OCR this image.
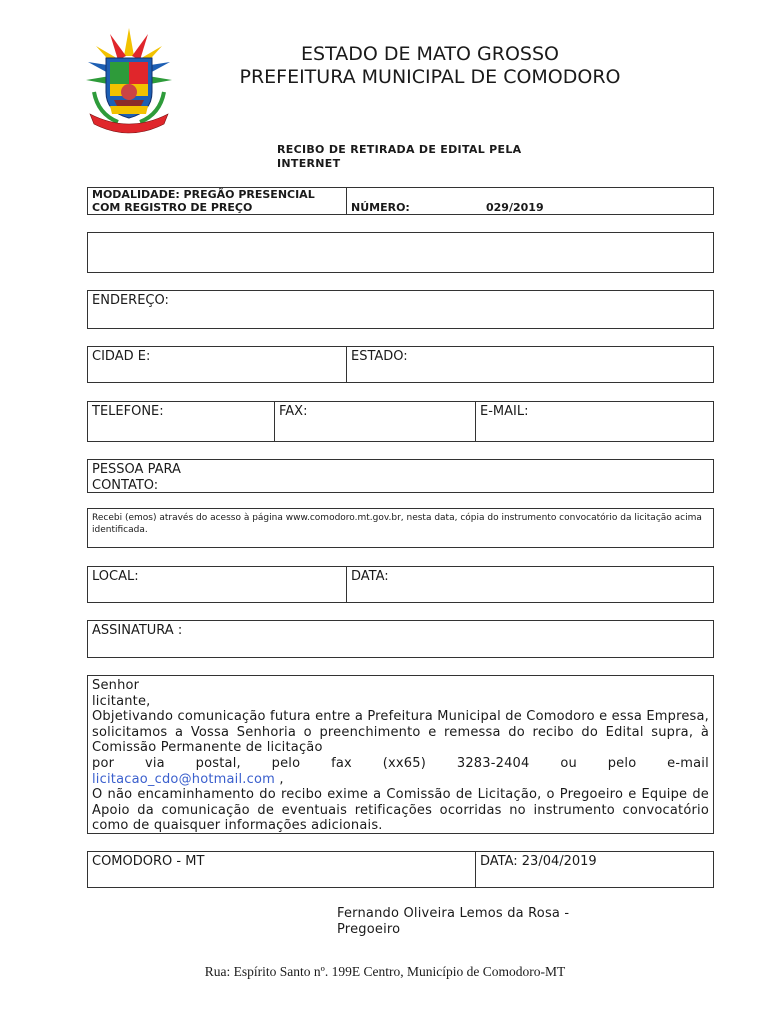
ESTADO DE MATO GROSSO
PREFEITURA MUNICIPAL DE COMODORO
RECIBO DE RETIRADA DE EDITAL PELA INTERNET
MODALIDADE: PREGÃO PRESENCIAL COM REGISTRO DE PREÇO	NÚMERO:	029/2019
ENDEREÇO:
CIDAD E:	ESTADO:
TELEFONE:	FAX:	E-MAIL:
PESSOA PARA CONTATO:
Recebi (emos) através do acesso à página www.comodoro.mt.gov.br, nesta data, cópia do instrumento convocatório da licitação acima identificada.
LOCAL:	DATA:
ASSINATURA :
Senhor
licitante,
Objetivando comunicação futura entre a Prefeitura Municipal de Comodoro e essa Empresa, solicitamos a Vossa Senhoria o preenchimento e remessa do recibo do Edital supra, à Comissão Permanente de licitação
por via postal, pelo fax (xx65) 3283-2404 ou pelo e-mail
licitacao_cdo@hotmail.com ,
O não encaminhamento do recibo exime a Comissão de Licitação, o Pregoeiro e Equipe de Apoio da comunicação de eventuais retificações ocorridas no instrumento convocatório como de quaisquer informações adicionais.
COMODORO - MT	DATA: 23/04/2019
Fernando Oliveira Lemos da Rosa - Pregoeiro
Rua: Espírito Santo nº. 199E Centro, Município de Comodoro-MT
